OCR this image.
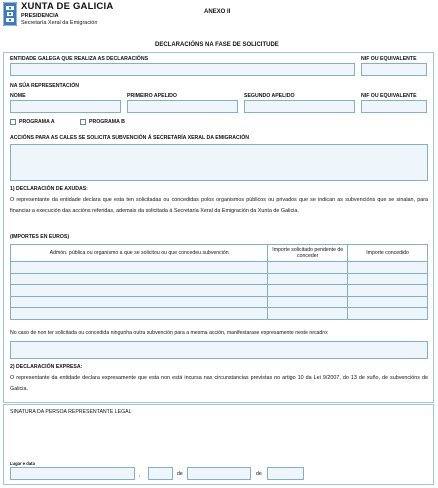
XUNTA DE GALICIA
PRESIDENCIA
Secretaría Xeral da Emigración
ANEXO II
DECLARACIÓNS NA FASE DE SOLICITUDE
ENTIDADE GALEGA QUE REALIZA AS DECLARACIÓNS	NIF OU EQUIVALENTE
NA SÚA REPRESENTACIÓN
NOME	PRIMEIRO APELIDO	SEGUNDO APELIDO	NIF OU EQUIVALENTE
PROGRAMA A	PROGRAMA B
ACCIÓNS PARA AS CALES SE SOLICITA SUBVENCIÓN Á SECRETARÍA XERAL DA EMIGRACIÓN
1) DECLARACIÓN DE AXUDAS:
O representante da entidade declara que esta ten solicitadas ou concedidas polos organismos públicos ou privados que se indican as subvencións que se sinalan, para financiar a execución das accións referidas, ademais da solicitada á Secretaría Xeral da Emigración da Xunta de Galicia.
(IMPORTES EN EUROS)
Admón. pública ou organismo a que se solicitou ou que concedeu subvención	Importe solicitado pendente de conceder	Importe concedido

No caso de non ter solicitada ou concedida ningunha outra subvención para a mesma acción, manifestarase expresamente neste recadro:
2) DECLARACIÓN EXPRESA:
O representante da entidade declara expresamente que esta non está incursa nas circunstancias previstas no artigo 10 da Lei 9/2007, do 13 de xuño, de subvencións de Galicia.
SINATURA DA PERSOA REPRESENTANTE LEGAL
Lugar e data
,	de	de
